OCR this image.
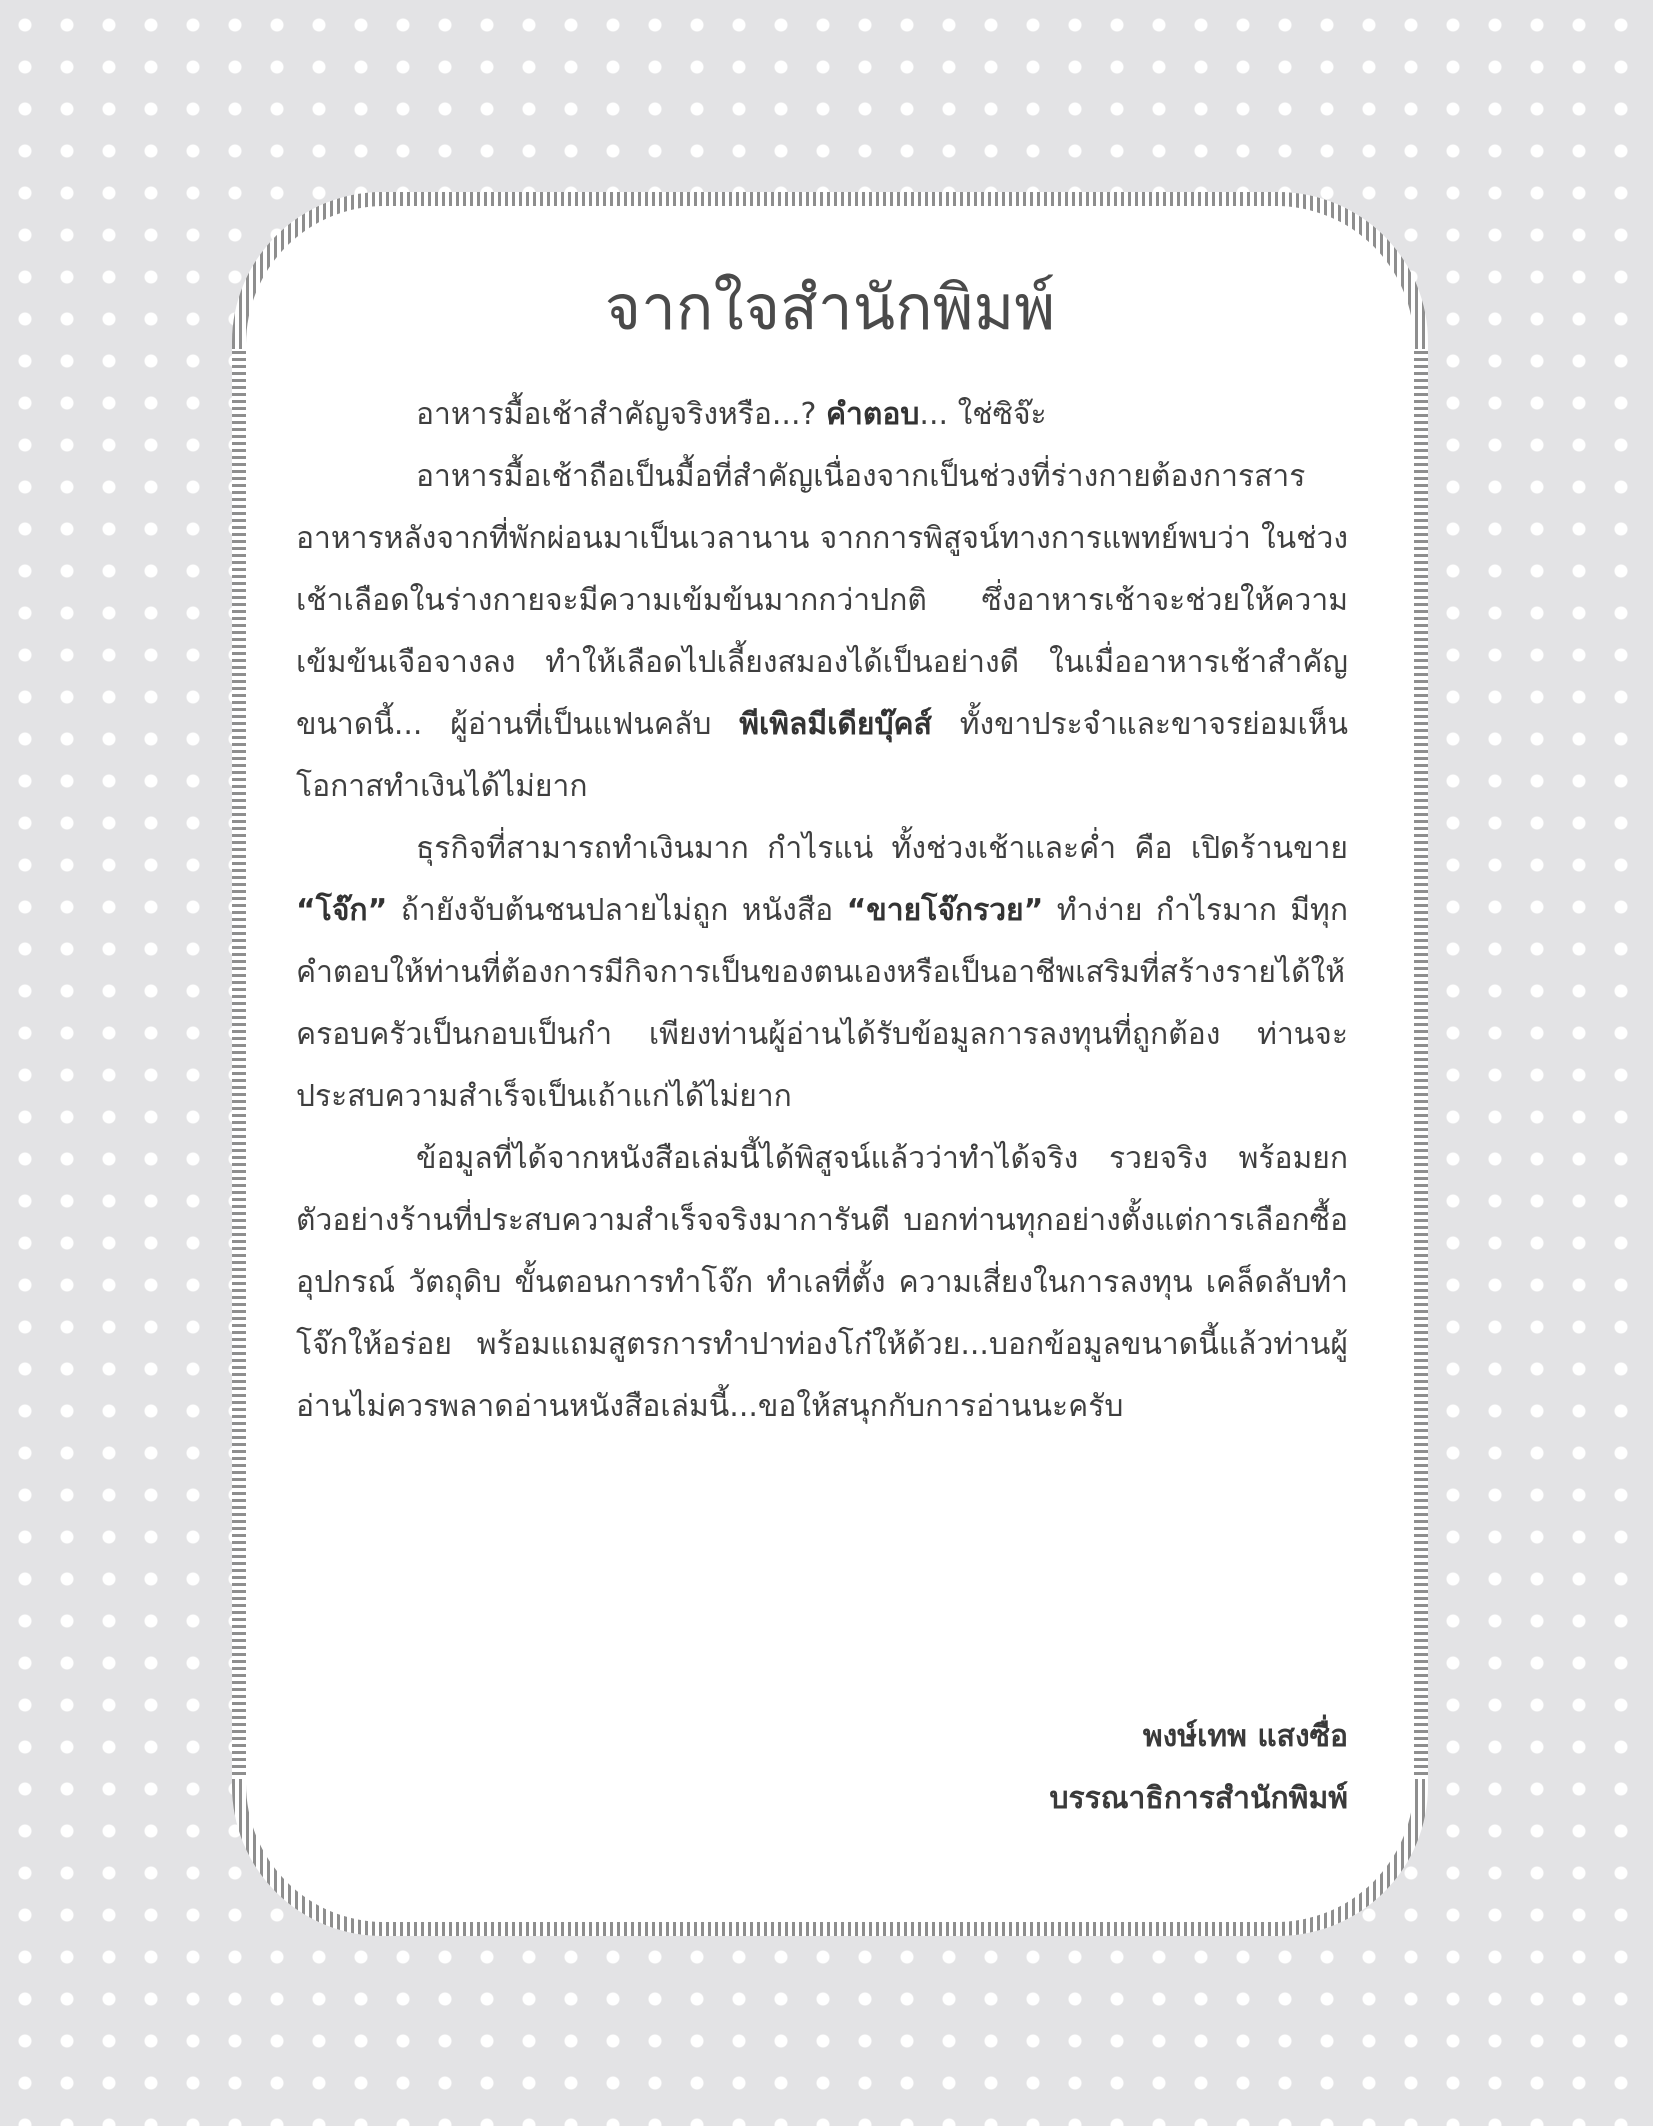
จากใจสำนักพิมพ์

อาหารมื้อเช้าสำคัญจริงหรือ...? คำตอบ... ใช่ซิจ๊ะ

อาหารมื้อเช้าถือเป็นมื้อที่สำคัญเนื่องจากเป็นช่วงที่ร่างกายต้องการสารอาหารหลังจากที่พักผ่อนมาเป็นเวลานาน จากการพิสูจน์ทางการแพทย์พบว่า ในช่วงเช้าเลือดในร่างกายจะมีความเข้มข้นมากกว่าปกติ ซึ่งอาหารเช้าจะช่วยให้ความเข้มข้นเจือจางลง ทำให้เลือดไปเลี้ยงสมองได้เป็นอย่างดี ในเมื่ออาหารเช้าสำคัญขนาดนี้... ผู้อ่านที่เป็นแฟนคลับ พีเพิลมีเดียบุ๊คส์ ทั้งขาประจำและขาจรย่อมเห็นโอกาสทำเงินได้ไม่ยาก

ธุรกิจที่สามารถทำเงินมาก กำไรแน่ ทั้งช่วงเช้าและค่ำ คือ เปิดร้านขาย “โจ๊ก” ถ้ายังจับต้นชนปลายไม่ถูก หนังสือ “ขายโจ๊กรวย” ทำง่าย กำไรมาก มีทุกคำตอบให้ท่านที่ต้องการมีกิจการเป็นของตนเองหรือเป็นอาชีพเสริมที่สร้างรายได้ให้ครอบครัวเป็นกอบเป็นกำ เพียงท่านผู้อ่านได้รับข้อมูลการลงทุนที่ถูกต้อง ท่านจะประสบความสำเร็จเป็นเถ้าแก่ได้ไม่ยาก

ข้อมูลที่ได้จากหนังสือเล่มนี้ได้พิสูจน์แล้วว่าทำได้จริง รวยจริง พร้อมยกตัวอย่างร้านที่ประสบความสำเร็จจริงมาการันตี บอกท่านทุกอย่างตั้งแต่การเลือกซื้ออุปกรณ์ วัตถุดิบ ขั้นตอนการทำโจ๊ก ทำเลที่ตั้ง ความเสี่ยงในการลงทุน เคล็ดลับทำโจ๊กให้อร่อย พร้อมแถมสูตรการทำปาท่องโก๋ให้ด้วย...บอกข้อมูลขนาดนี้แล้วท่านผู้อ่านไม่ควรพลาดอ่านหนังสือเล่มนี้...ขอให้สนุกกับการอ่านนะครับ

พงษ์เทพ แสงซื่อ
บรรณาธิการสำนักพิมพ์
